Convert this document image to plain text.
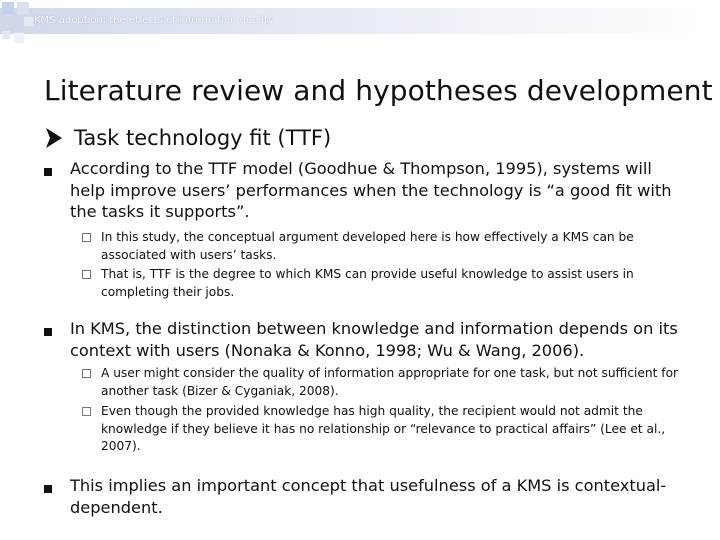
KMS adoption: the effects of information quality
Literature review and hypotheses development
Task technology fit (TTF)
According to the TTF model (Goodhue & Thompson, 1995), systems will help improve users’ performances when the technology is “a good fit with the tasks it supports”.
In this study, the conceptual argument developed here is how effectively a KMS can be associated with users’ tasks.
That is, TTF is the degree to which KMS can provide useful knowledge to assist users in completing their jobs.
In KMS, the distinction between knowledge and information depends on its context with users (Nonaka & Konno, 1998; Wu & Wang, 2006).
A user might consider the quality of information appropriate for one task, but not sufficient for another task (Bizer & Cyganiak, 2008).
Even though the provided knowledge has high quality, the recipient would not admit the knowledge if they believe it has no relationship or “relevance to practical affairs” (Lee et al., 2007).
This implies an important concept that usefulness of a KMS is contextual-dependent.
